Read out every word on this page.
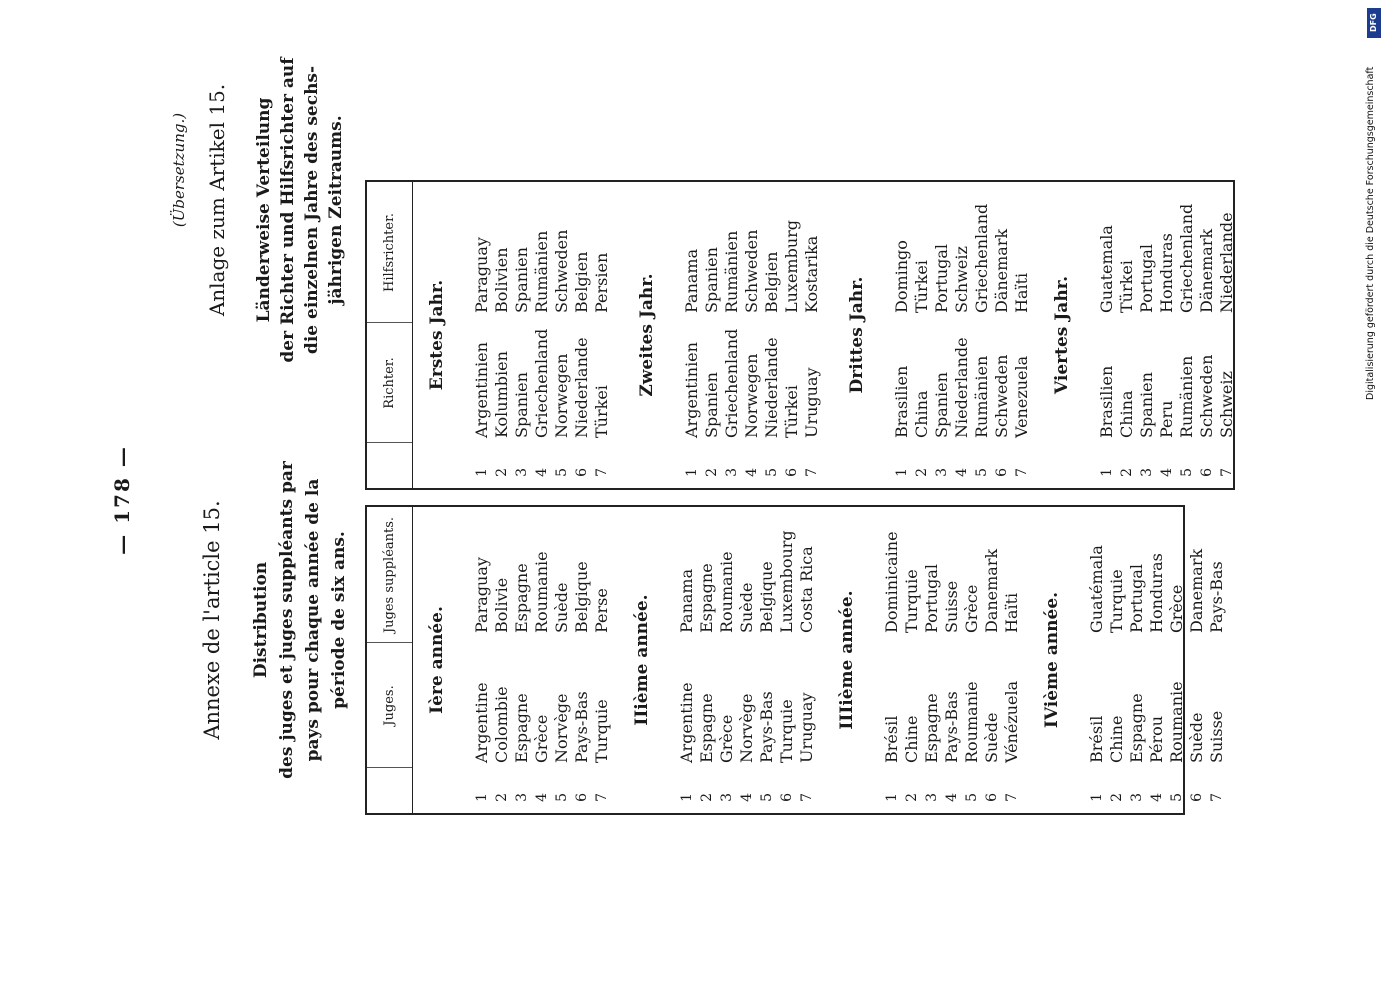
— 178 —
(Übersetzung.)
Annexe de l'article 15.
Anlage zum Artikel 15.
Distribution des juges et juges suppléants par pays pour chaque année de la période de six ans.
Länderweise Verteilung der Richter und Hilfsrichter auf die einzelnen Jahre des sechs- jährigen Zeitraums.
Juges.
Juges suppléants.
Ière année.
1
Argentine
Paraguay
2
Colombie
Bolivie
3
Espagne
Espagne
4
Grèce
Roumanie
5
Norvège
Suède
6
Pays-Bas
Belgique
7
Turquie
Perse IIième année.
1
Argentine
Panama
2
Espagne
Espagne
3
Grèce
Roumanie
4
Norvège
Suède
5
Pays-Bas
Belgique
6
Turquie
Luxembourg
7
Uruguay
Costa Rica
IIIième année.
1
Brésil
Dominicaine
2
Chine
Turquie
3
Espagne
Portugal
4
Pays-Bas
Suisse
5
Roumanie
Grèce
6
Suède
Danemark
7
Vénézuela
Haïti IVième année.
1
Brésil
Guatémala
2
Chine
Turquie
3
Espagne
Portugal
4
Pérou
Honduras
5
Roumanie
Grèce
6
Suède
Danemark
7
Suisse
Pays-Bas
Richter.
Hilfsrichter.
Erstes Jahr.
1
Argentinien
Paraguay
2
Kolumbien
Bolivien
3
Spanien
Spanien
4
Griechenland
Rumänien
5
Norwegen
Schweden
6
Niederlande
Belgien
7
Türkei
Persien Zweites Jahr.
1
Argentinien
Panama
2
Spanien
Spanien
3
Griechenland
Rumänien
4
Norwegen
Schweden
5
Niederlande
Belgien
6
Türkei
Luxemburg
7
Uruguay
Kostarika
Drittes Jahr.
1
Brasilien
Domingo
2
China
Türkei
3
Spanien
Portugal
4
Niederlande
Schweiz
5
Rumänien
Griechenland
6
Schweden
Dänemark
7
Venezuela
Haïti Viertes Jahr.
1
Brasilien
Guatemala
2
China
Türkei
3
Spanien
Portugal
4
Peru
Honduras
5
Rumänien
Griechenland
6
Schweden
Dänemark
7
Schweiz
Niederlande	Digitalisierung gefördert durch die Deutsche Forschungsgemeinschaft
DFG
